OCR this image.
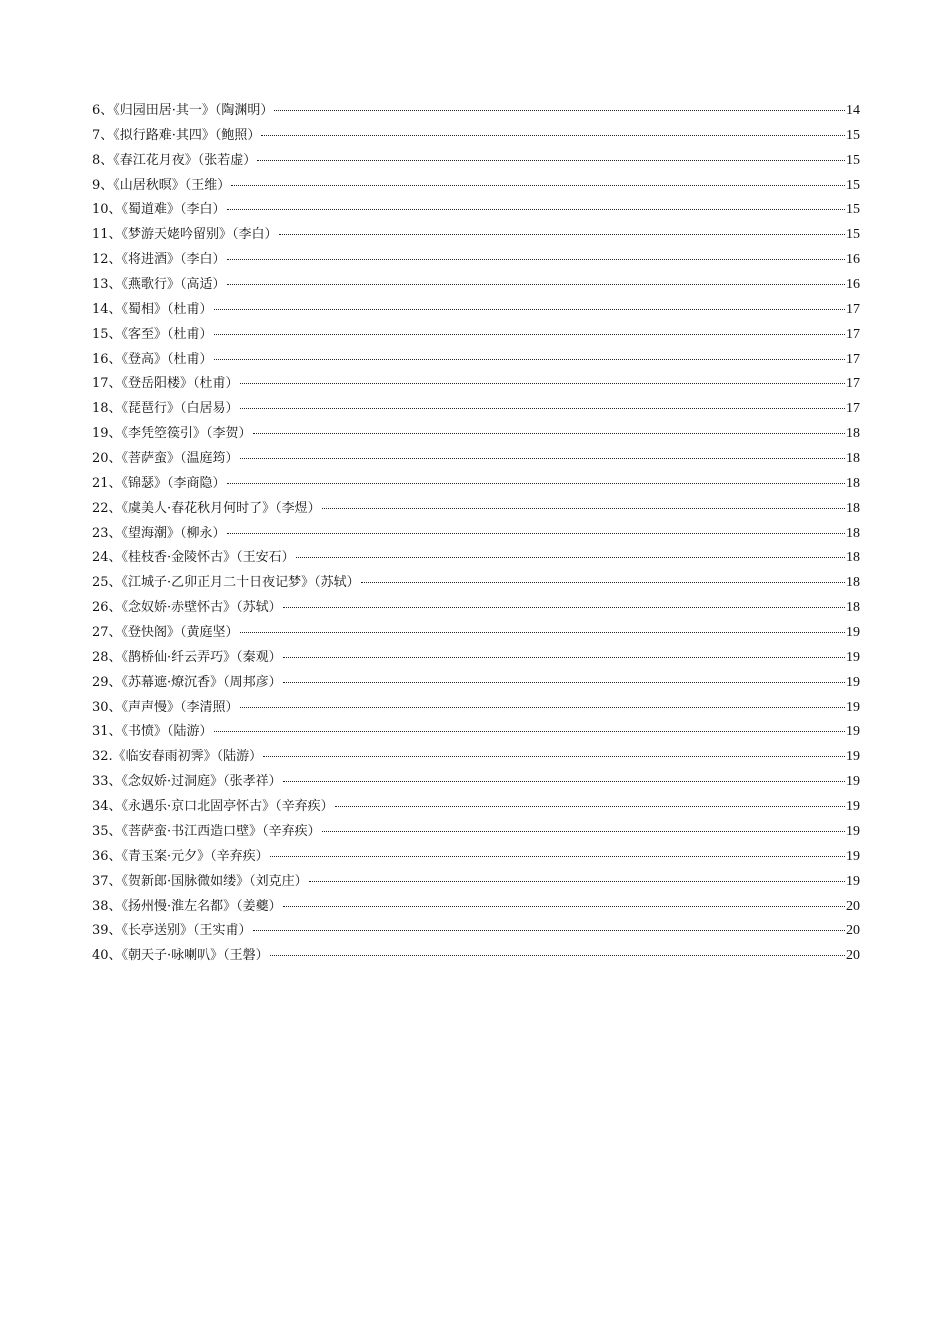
6、《归园田居·其一》（陶渊明）	14
7、《拟行路难·其四》（鲍照）	15
8、《春江花月夜》（张若虚）	15
9、《山居秋暝》（王维）	15
10、《蜀道难》（李白）	15
11、《梦游天姥吟留别》（李白）	15
12、《将进酒》（李白）	16
13、《燕歌行》（高适）	16
14、《蜀相》（杜甫）	17
15、《客至》（杜甫）	17
16、《登高》（杜甫）	17
17、《登岳阳楼》（杜甫）	17
18、《琵琶行》（白居易）	17
19、《李凭箜篌引》（李贺）	18
20、《菩萨蛮》（温庭筠）	18
21、《锦瑟》（李商隐）	18
22、《虞美人·春花秋月何时了》（李煜）	18
23、《望海潮》（柳永）	18
24、《桂枝香·金陵怀古》（王安石）	18
25、《江城子·乙卯正月二十日夜记梦》（苏轼）	18
26、《念奴娇·赤壁怀古》（苏轼）	18
27、《登快阁》（黄庭坚）	19
28、《鹊桥仙·纤云弄巧》（秦观）	19
29、《苏幕遮·燎沉香》（周邦彦）	19
30、《声声慢》（李清照）	19
31、《书愤》（陆游）	19
32.《临安春雨初霁》（陆游）	19
33、《念奴娇·过洞庭》（张孝祥）	19
34、《永遇乐·京口北固亭怀古》（辛弃疾）	19
35、《菩萨蛮·书江西造口壁》（辛弃疾）	19
36、《青玉案·元夕》（辛弃疾）	19
37、《贺新郎·国脉微如缕》（刘克庄）	19
38、《扬州慢·淮左名都》（姜夔）	20
39、《长亭送别》（王实甫）	20
40、《朝天子·咏喇叭》（王磐）	20
